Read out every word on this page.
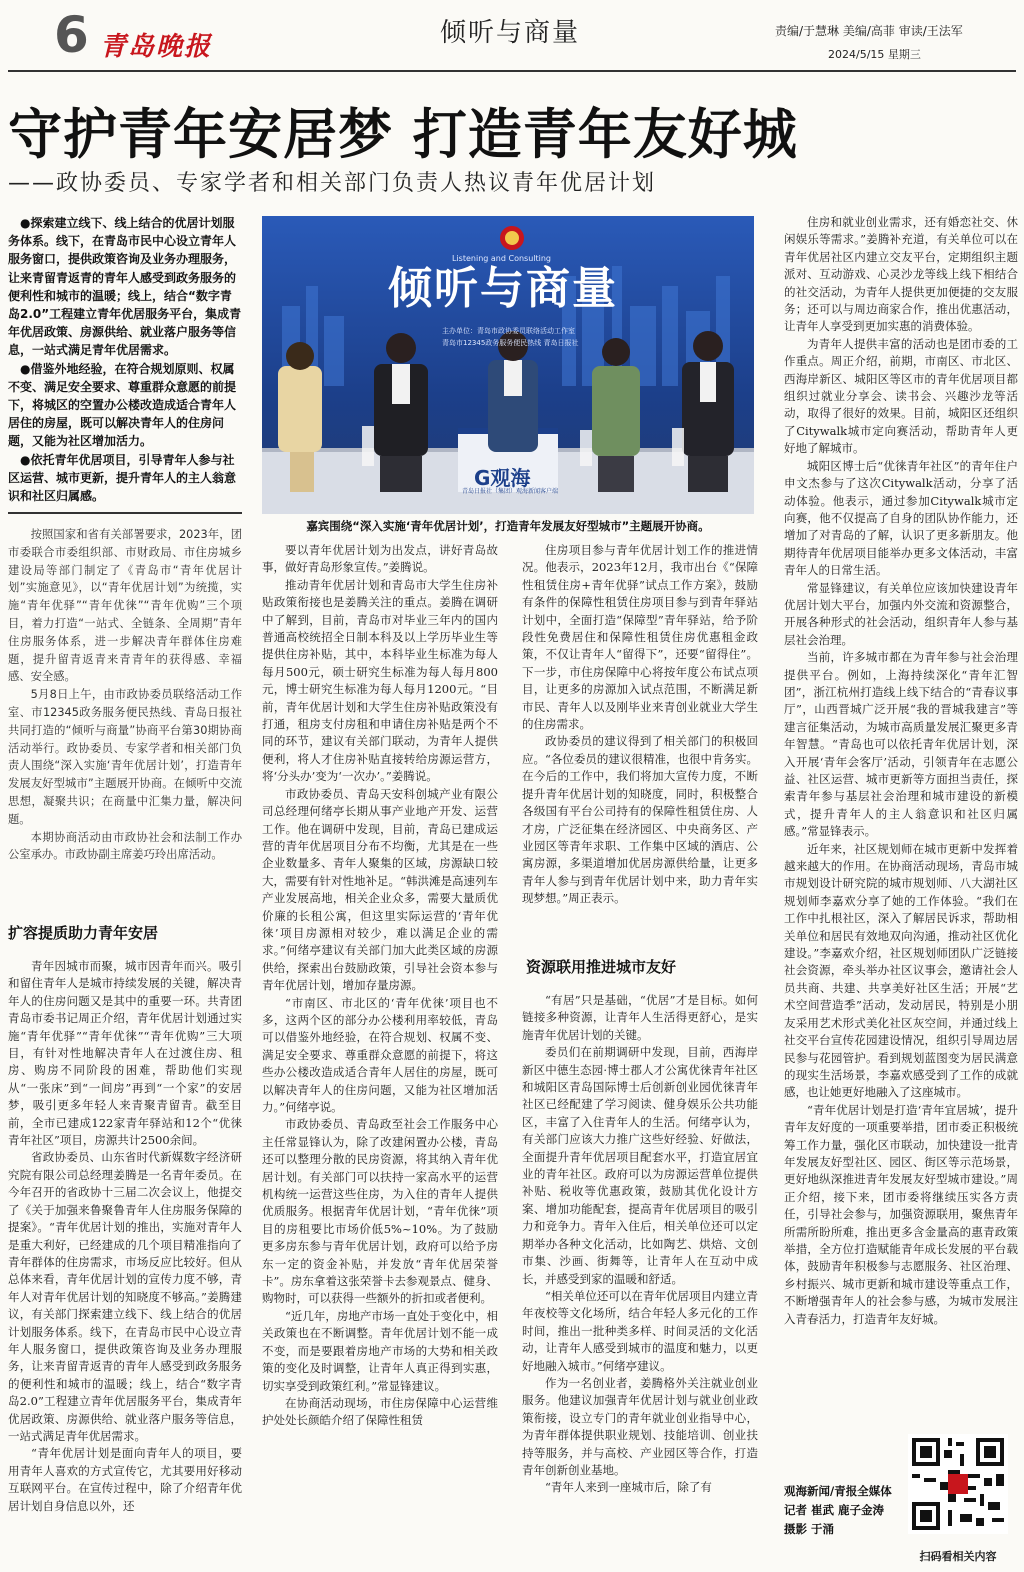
6 青岛晚报	倾听与商量	责编/于慧琳 美编/高菲 审读/王法军
2024/5/15 星期三
守护青年安居梦 打造青年友好城
——政协委员、专家学者和相关部门负责人热议青年优居计划

●探索建立线下、线上结合的优居计划服务体系。线下，在青岛市民中心设立青年人服务窗口，提供政策咨询及业务办理服务，让来青留青返青的青年人感受到政务服务的便利性和城市的温暖；线上，结合“数字青岛2.0”工程建立青年优居服务平台，集成青年优居政策、房源供给、就业落户服务等信息，一站式满足青年优居需求。

●借鉴外地经验，在符合规划原则、权属不变、满足安全要求、尊重群众意愿的前提下，将城区的空置办公楼改造成适合青年人居住的房屋，既可以解决青年人的住房问题，又能为社区增加活力。

●依托青年优居项目，引导青年人参与社区运营、城市更新，提升青年人的主人翁意识和社区归属感。

按照国家和省有关部署要求，2023年，团市委联合市委组织部、市财政局、市住房城乡建设局等部门制定了《青岛市“青年优居计划”实施意见》，以“青年优居计划”为统揽，实施“青年优驿”“青年优徕”“青年优购”三个项目，着力打造“一站式、全链条、全周期”青年住房服务体系，进一步解决青年群体住房难题，提升留青返青来青青年的获得感、幸福感、安全感。

5月8日上午，由市政协委员联络活动工作室、市12345政务服务便民热线、青岛日报社共同打造的“倾听与商量”协商平台第30期协商活动举行。政协委员、专家学者和相关部门负责人围绕“深入实施‘青年优居计划’，打造青年发展友好型城市”主题展开协商。在倾听中交流思想，凝聚共识；在商量中汇集力量，解决问题。

本期协商活动由市政协社会和法制工作办公室承办。市政协副主席姜巧玲出席活动。

扩容提质助力青年安居

青年因城市而聚，城市因青年而兴。吸引和留住青年人是城市持续发展的关键，解决青年人的住房问题又是其中的重要一环。共青团青岛市委书记周正介绍，青年优居计划通过实施“青年优驿”“青年优徕”“青年优购”三大项目，有针对性地解决青年人在过渡住房、租房、购房不同阶段的困难，帮助他们实现从“一张床”到“一间房”再到“一个家”的安居梦，吸引更多年轻人来青聚青留青。截至目前，全市已建成122家青年驿站和12个“优徕青年社区”项目，房源共计2500余间。

省政协委员、山东省时代新媒数字经济研究院有限公司总经理姜腾是一名青年委员。在今年召开的省政协十三届二次会议上，他提交了《关于加强来鲁聚鲁青年人住房服务保障的提案》。“青年优居计划的推出，实施对青年人是重大利好，已经建成的几个项目精准指向了青年群体的住房需求，市场反应比较好。但从总体来看，青年优居计划的宣传力度不够，青年人对青年优居计划的知晓度不够高。”姜腾建议，有关部门探索建立线下、线上结合的优居计划服务体系。线下，在青岛市民中心设立青年人服务窗口，提供政策咨询及业务办理服务，让来青留青返青的青年人感受到政务服务的便利性和城市的温暖；线上，结合“数字青岛2.0”工程建立青年优居服务平台，集成青年优居政策、房源供给、就业落户服务等信息，一站式满足青年优居需求。

“青年优居计划是面向青年人的项目，要用青年人喜欢的方式宣传它，尤其要用好移动互联网平台。在宣传过程中，除了介绍青年优居计划自身信息以外，还

倾听与商量
Listening and Consulting
主办单位：青岛市政协委员联络活动工作室
青岛市12345政务服务便民热线 青岛日报社
G观海
青岛日报社（集团）观海新闻客户端
嘉宾围绕“深入实施‘青年优居计划’，打造青年发展友好型城市”主题展开协商。

要以青年优居计划为出发点，讲好青岛故事，做好青岛形象宣传。”姜腾说。

推动青年优居计划和青岛市大学生住房补贴政策衔接也是姜腾关注的重点。姜腾在调研中了解到，目前，青岛市对毕业三年内的国内普通高校统招全日制本科及以上学历毕业生等提供住房补贴，其中，本科毕业生标准为每人每月500元，硕士研究生标准为每人每月800元，博士研究生标准为每人每月1200元。“目前，青年优居计划和大学生住房补贴政策没有打通，租房支付房租和申请住房补贴是两个不同的环节，建议有关部门联动，为青年人提供便利，将人才住房补贴直接转给房源运营方，将‘分头办’变为‘一次办’。”姜腾说。

市政协委员、青岛天安科创城产业有限公司总经理何绪亭长期从事产业地产开发、运营工作。他在调研中发现，目前，青岛已建成运营的青年优居项目分布不均衡，尤其是在一些企业数量多、青年人聚集的区域，房源缺口较大，需要有针对性地补足。“韩洪滩是高速列车产业发展高地，相关企业众多，需要大量质优价廉的长租公寓，但这里实际运营的‘青年优徕’项目房源相对较少，难以满足企业的需求。”何绪亭建议有关部门加大此类区域的房源供给，探索出台鼓励政策，引导社会资本参与青年优居计划，增加存量房源。

“市南区、市北区的‘青年优徕’项目也不多，这两个区的部分办公楼利用率较低，青岛可以借鉴外地经验，在符合规划、权属不变、满足安全要求、尊重群众意愿的前提下，将这些办公楼改造成适合青年人居住的房屋，既可以解决青年人的住房问题，又能为社区增加活力。”何绪亭说。

市政协委员、青岛政至社会工作服务中心主任常显锋认为，除了改建闲置办公楼，青岛还可以整理分散的民房资源，将其纳入青年优居计划。有关部门可以扶持一家高水平的运营机构统一运营这些住房，为入住的青年人提供优质服务。根据青年优居计划，“青年优徕”项目的房租要比市场价低5%~10%。为了鼓励更多房东参与青年优居计划，政府可以给予房东一定的资金补贴，并发放“青年优居荣誉卡”。房东拿着这张荣誉卡去参观景点、健身、购物时，可以获得一些额外的折扣或者便利。

“近几年，房地产市场一直处于变化中，相关政策也在不断调整。青年优居计划不能一成不变，而是要跟着房地产市场的大势和相关政策的变化及时调整，让青年人真正得到实惠，切实享受到政策红利。”常显锋建议。

在协商活动现场，市住房保障中心运营维护处处长颜皓介绍了保障性租赁

住房项目参与青年优居计划工作的推进情况。他表示，2023年12月，我市出台《“保障性租赁住房+青年优驿”试点工作方案》，鼓励有条件的保障性租赁住房项目参与到青年驿站计划中，全面打造“保障型”青年驿站，给予阶段性免费居住和保障性租赁住房优惠租金政策，不仅让青年人“留得下”，还要“留得住”。下一步，市住房保障中心将按年度公布试点项目，让更多的房源加入试点范围，不断满足新市民、青年人以及刚毕业来青创业就业大学生的住房需求。

政协委员的建议得到了相关部门的积极回应。“各位委员的建议很精准，也很中肯务实。在今后的工作中，我们将加大宣传力度，不断提升青年优居计划的知晓度，同时，积极整合各级国有平台公司持有的保障性租赁住房、人才房，广泛征集在经济园区、中央商务区、产业园区等青年求职、工作集中区域的酒店、公寓房源，多渠道增加优居房源供给量，让更多青年人参与到青年优居计划中来，助力青年实现梦想。”周正表示。

资源联用推进城市友好

“有居”只是基础，“优居”才是目标。如何链接多种资源，让青年人生活得更舒心，是实施青年优居计划的关键。

委员们在前期调研中发现，目前，西海岸新区中德生态园·博士郡人才公寓优徕青年社区和城阳区青岛国际博士后创新创业园优徕青年社区已经配建了学习阅读、健身娱乐公共功能区，丰富了入住青年人的生活。何绪亭认为，有关部门应该大力推广这些好经验、好做法，全面提升青年优居项目配套水平，打造宜居宜业的青年社区。政府可以为房源运营单位提供补贴、税收等优惠政策，鼓励其优化设计方案、增加功能配套，提高青年优居项目的吸引力和竞争力。青年入住后，相关单位还可以定期举办各种文化活动，比如陶艺、烘焙、文创市集、沙画、街舞等，让青年人在互动中成长，并感受到家的温暖和舒适。

“相关单位还可以在青年优居项目内建立青年夜校等文化场所，结合年轻人多元化的工作时间，推出一批种类多样、时间灵活的文化活动，让青年人感受到城市的温度和魅力，以更好地融入城市。”何绪亭建议。

作为一名创业者，姜腾格外关注就业创业服务。他建议加强青年优居计划与就业创业政策衔接，设立专门的青年就业创业指导中心，为青年群体提供职业规划、技能培训、创业扶持等服务，并与高校、产业园区等合作，打造青年创新创业基地。

“青年人来到一座城市后，除了有

住房和就业创业需求，还有婚恋社交、休闲娱乐等需求。”姜腾补充道，有关单位可以在青年优居社区内建立交友平台，定期组织主题派对、互动游戏、心灵沙龙等线上线下相结合的社交活动，为青年人提供更加便捷的交友服务；还可以与周边商家合作，推出优惠活动，让青年人享受到更加实惠的消费体验。

为青年人提供丰富的活动也是团市委的工作重点。周正介绍，前期，市南区、市北区、西海岸新区、城阳区等区市的青年优居项目都组织过就业分享会、读书会、兴趣沙龙等活动，取得了很好的效果。目前，城阳区还组织了Citywalk城市定向赛活动，帮助青年人更好地了解城市。

城阳区博士后“优徕青年社区”的青年住户申文杰参与了这次Citywalk活动，分享了活动体验。他表示，通过参加Citywalk城市定向赛，他不仅提高了自身的团队协作能力，还增加了对青岛的了解，认识了更多新朋友。他期待青年优居项目能举办更多文体活动，丰富青年人的日常生活。

常显锋建议，有关单位应该加快建设青年优居计划大平台，加强内外交流和资源整合，开展各种形式的社会活动，组织青年人参与基层社会治理。

当前，许多城市都在为青年参与社会治理提供平台。例如，上海持续深化“青年汇智团”，浙江杭州打造线上线下结合的“青春议事厅”，山西晋城广泛开展“我的晋城我建言”等建言征集活动，为城市高质量发展汇聚更多青年智慧。“青岛也可以依托青年优居计划，深入开展‘青年会客厅’活动，引领青年在志愿公益、社区运营、城市更新等方面担当责任，探索青年参与基层社会治理和城市建设的新模式，提升青年人的主人翁意识和社区归属感。”常显锋表示。

近年来，社区规划师在城市更新中发挥着越来越大的作用。在协商活动现场，青岛市城市规划设计研究院的城市规划师、八大湖社区规划师李嘉欢分享了她的工作体验。“我们在工作中扎根社区，深入了解居民诉求，帮助相关单位和居民有效地双向沟通，推动社区优化建设。”李嘉欢介绍，社区规划师团队广泛链接社会资源，牵头举办社区议事会，邀请社会人员共商、共建、共享美好社区生活；开展“艺术空间营造季”活动，发动居民，特别是小朋友采用艺术形式美化社区灰空间，并通过线上社交平台宣传花园建设情况，组织引导周边居民参与花园管护。看到规划蓝图变为居民满意的现实生活场景，李嘉欢感受到了工作的成就感，也让她更好地融入了这座城市。

“青年优居计划是打造‘青年宜居城’，提升青年友好度的一项重要举措，团市委正积极统筹工作力量，强化区市联动，加快建设一批青年发展友好型社区、园区、街区等示范场景，更好地纵深推进青年发展友好型城市建设。”周正介绍，接下来，团市委将继续压实各方责任，引导社会参与，加强资源联用，聚焦青年所需所盼所难，推出更多含金量高的惠青政策举措，全方位打造赋能青年成长发展的平台载体，鼓励青年积极参与志愿服务、社区治理、乡村振兴、城市更新和城市建设等重点工作，不断增强青年人的社会参与感，为城市发展注入青春活力，打造青年友好城。

观海新闻/青报全媒体 记者 崔武 鹿子金涛 摄影 于涌
扫码看相关内容
